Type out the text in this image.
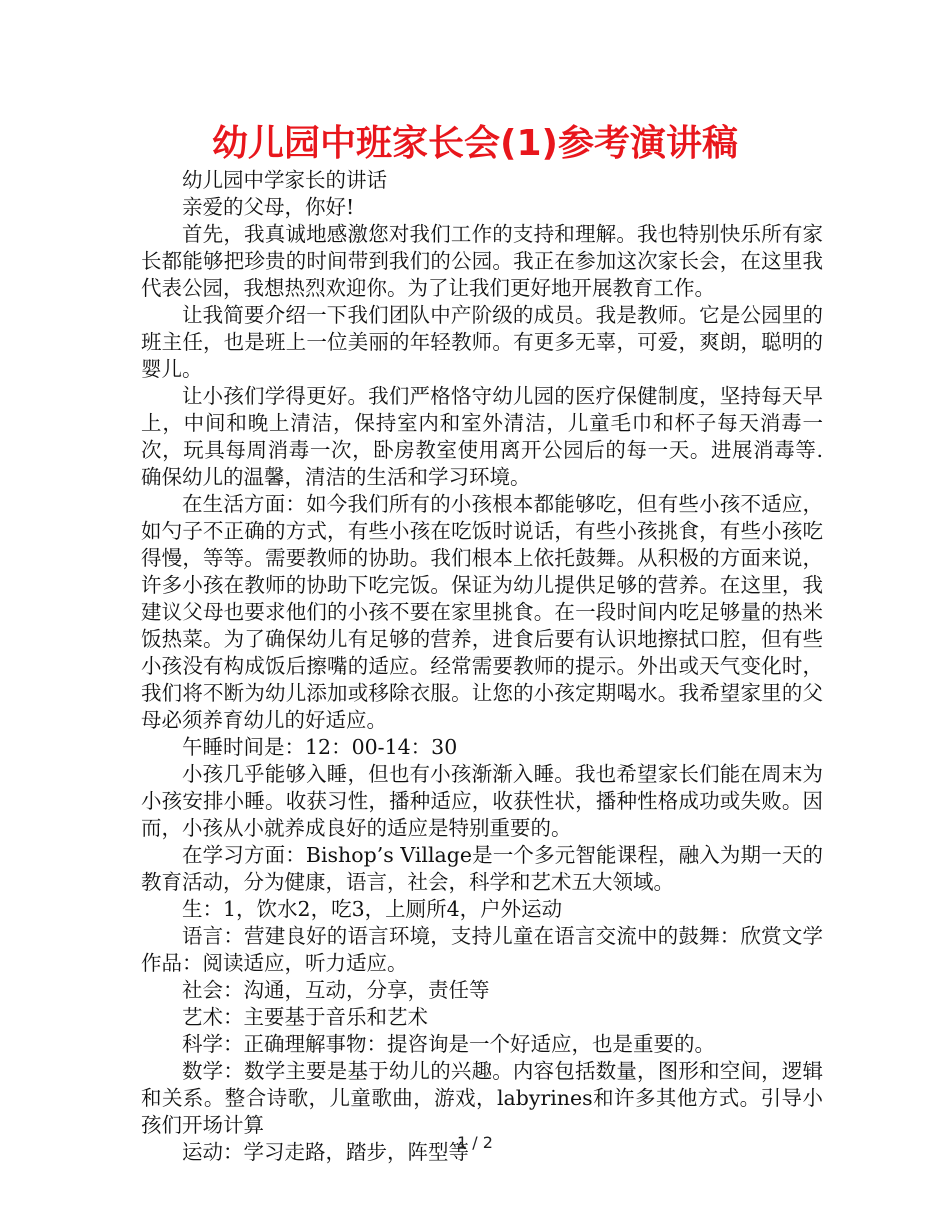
幼儿园中班家长会(1)参考演讲稿

幼儿园中学家长的讲话

亲爱的父母，你好!

首先，我真诚地感激您对我们工作的支持和理解。我也特别快乐所有家长都能够把珍贵的时间带到我们的公园。我正在参加这次家长会，在这里我代表公园，我想热烈欢迎你。为了让我们更好地开展教育工作。

让我简要介绍一下我们团队中产阶级的成员。我是教师。它是公园里的班主任，也是班上一位美丽的年轻教师。有更多无辜，可爱，爽朗，聪明的婴儿。

让小孩们学得更好。我们严格恪守幼儿园的医疗保健制度，坚持每天早上，中间和晚上清洁，保持室内和室外清洁，儿童毛巾和杯子每天消毒一次，玩具每周消毒一次，卧房教室使用离开公园后的每一天。进展消毒等.确保幼儿的温馨，清洁的生活和学习环境。

在生活方面：如今我们所有的小孩根本都能够吃，但有些小孩不适应，如勺子不正确的方式，有些小孩在吃饭时说话，有些小孩挑食，有些小孩吃得慢，等等。需要教师的协助。我们根本上依托鼓舞。从积极的方面来说，许多小孩在教师的协助下吃完饭。保证为幼儿提供足够的营养。在这里，我建议父母也要求他们的小孩不要在家里挑食。在一段时间内吃足够量的热米饭热菜。为了确保幼儿有足够的营养，进食后要有认识地擦拭口腔，但有些小孩没有构成饭后擦嘴的适应。经常需要教师的提示。外出或天气变化时，我们将不断为幼儿添加或移除衣服。让您的小孩定期喝水。我希望家里的父母必须养育幼儿的好适应。

午睡时间是：12：00-14：30

小孩几乎能够入睡，但也有小孩渐渐入睡。我也希望家长们能在周末为小孩安排小睡。收获习性，播种适应，收获性状，播种性格成功或失败。因而，小孩从小就养成良好的适应是特别重要的。

在学习方面：Bishop’s Village是一个多元智能课程，融入为期一天的教育活动，分为健康，语言，社会，科学和艺术五大领域。

生：1，饮水2，吃3，上厕所4，户外运动

语言：营建良好的语言环境，支持儿童在语言交流中的鼓舞：欣赏文学作品：阅读适应，听力适应。

社会：沟通，互动，分享，责任等

艺术：主要基于音乐和艺术

科学：正确理解事物：提咨询是一个好适应，也是重要的。

数学：数学主要是基于幼儿的兴趣。内容包括数量，图形和空间，逻辑和关系。整合诗歌，儿童歌曲，游戏，labyrines和许多其他方式。引导小孩们开场计算

运动：学习走路，踏步，阵型等

1 / 2
